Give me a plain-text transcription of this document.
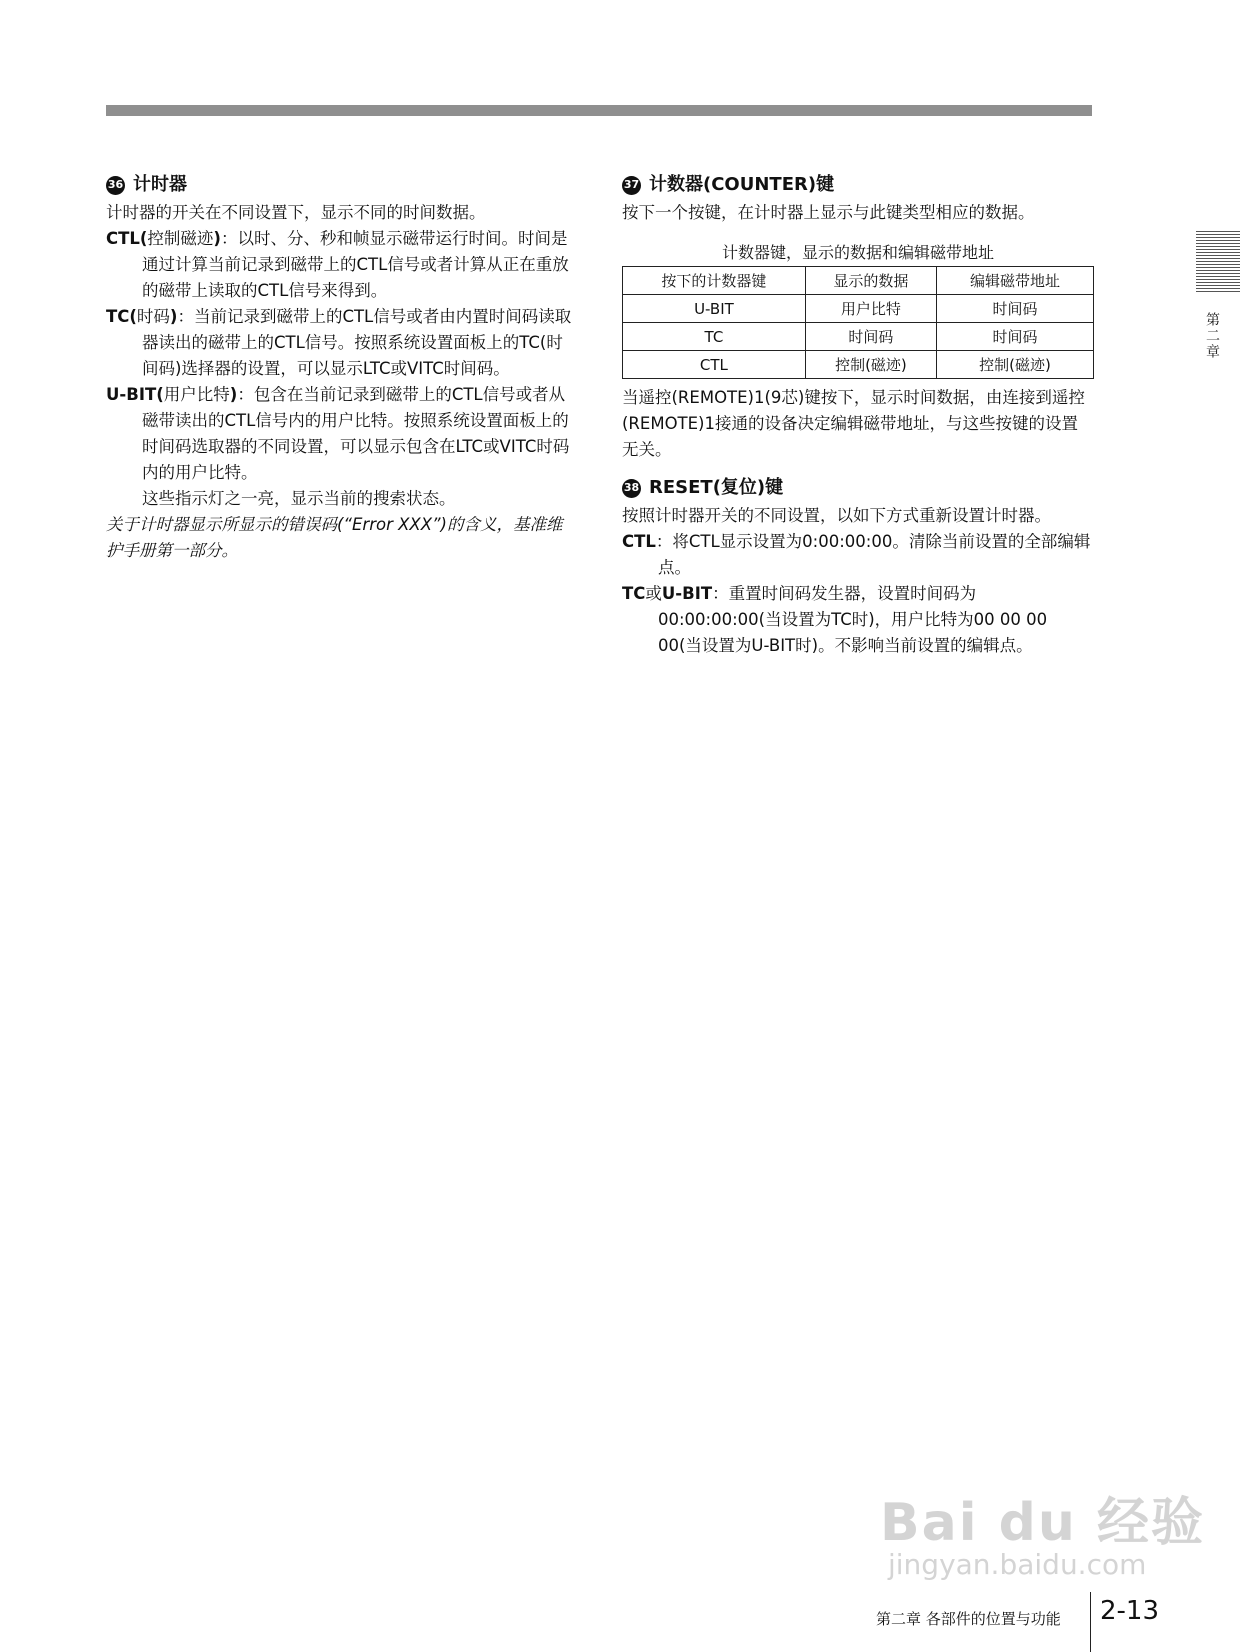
36 计时器

计时器的开关在不同设置下，显示不同的时间数据。

CTL(控制磁迹)：以时、分、秒和帧显示磁带运行时间。时间是通过计算当前记录到磁带上的CTL信号或者计算从正在重放的磁带上读取的CTL信号来得到。

TC(时码)：当前记录到磁带上的CTL信号或者由内置时间码读取器读出的磁带上的CTL信号。按照系统设置面板上的TC(时间码)选择器的设置，可以显示LTC或VITC时间码。

U-BIT(用户比特)：包含在当前记录到磁带上的CTL信号或者从磁带读出的CTL信号内的用户比特。按照系统设置面板上的时间码选取器的不同设置，可以显示包含在LTC或VITC时码内的用户比特。

这些指示灯之一亮，显示当前的搜索状态。

关于计时器显示所显示的错误码(“Error XXX”)的含义，基准维护手册第一部分。

37 计数器(COUNTER)键

按下一个按键，在计时器上显示与此键类型相应的数据。

计数器键，显示的数据和编辑磁带地址
按下的计数器键	显示的数据	编辑磁带地址
U-BIT	用户比特	时间码
TC	时间码	时间码
CTL	控制(磁迹)	控制(磁迹)

当遥控(REMOTE)1(9芯)键按下，显示时间数据，由连接到遥控(REMOTE)1接通的设备决定编辑磁带地址，与这些按键的设置无关。

38 RESET(复位)键

按照计时器开关的不同设置，以如下方式重新设置计时器。

CTL：将CTL显示设置为0:00:00:00。清除当前设置的全部编辑点。

TC或U-BIT：重置时间码发生器，设置时间码为00:00:00:00(当设置为TC时)，用户比特为00 00 00 00(当设置为U-BIT时)。不影响当前设置的编辑点。

第二章
Bai du 经验
jingyan.baidu.com
第二章 各部件的位置与功能 2-13
